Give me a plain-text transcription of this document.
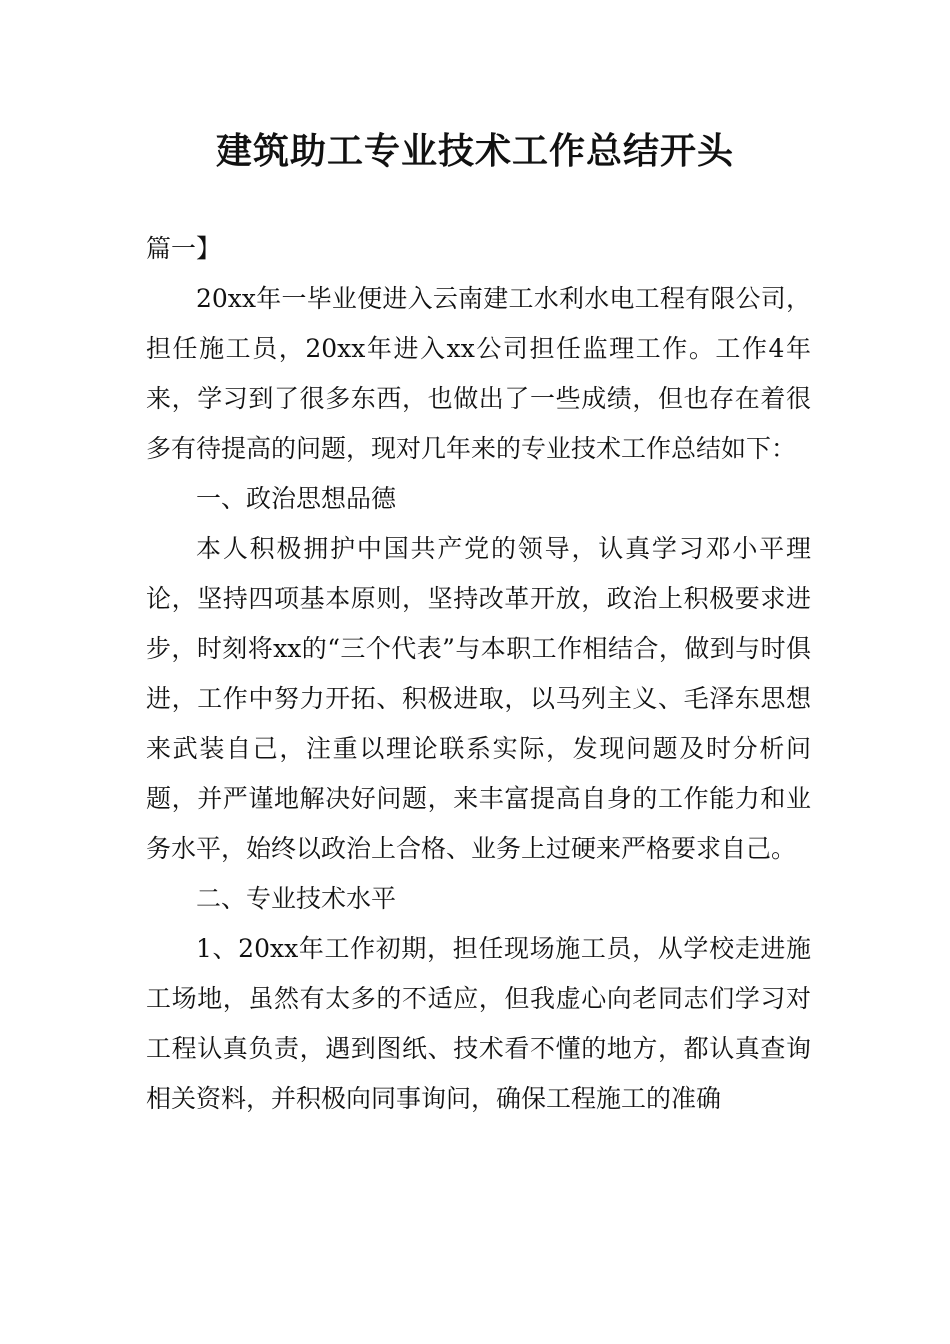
建筑助工专业技术工作总结开头

篇一】

20xx年一毕业便进入云南建工水利水电工程有限公司，担任施工员，20xx年进入xx公司担任监理工作。工作4年来，学习到了很多东西，也做出了一些成绩，但也存在着很多有待提高的问题，现对几年来的专业技术工作总结如下：

一、政治思想品德

本人积极拥护中国共产党的领导，认真学习邓小平理论，坚持四项基本原则，坚持改革开放，政治上积极要求进步，时刻将xx的“三个代表”与本职工作相结合，做到与时俱进，工作中努力开拓、积极进取，以马列主义、毛泽东思想来武装自己，注重以理论联系实际，发现问题及时分析问题，并严谨地解决好问题，来丰富提高自身的工作能力和业务水平，始终以政治上合格、业务上过硬来严格要求自己。

二、专业技术水平

1、20xx年工作初期，担任现场施工员，从学校走进施工场地，虽然有太多的不适应，但我虚心向老同志们学习对工程认真负责，遇到图纸、技术看不懂的地方，都认真查询相关资料，并积极向同事询问，确保工程施工的准确
